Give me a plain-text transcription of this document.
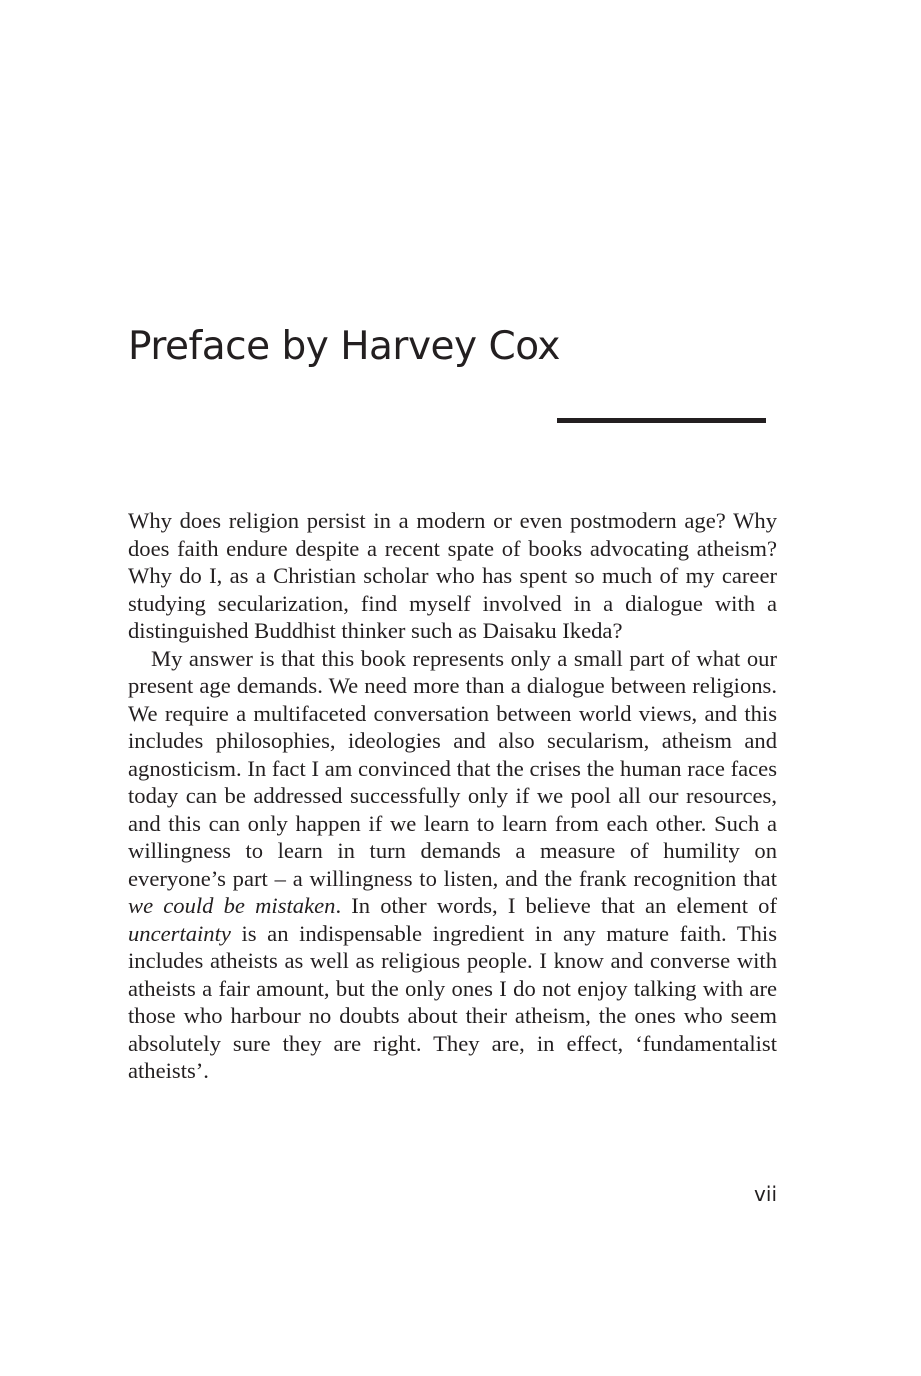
Preface by Harvey Cox

Why does religion persist in a modern or even postmodern age? Why does faith endure despite a recent spate of books advocating atheism? Why do I, as a Christian scholar who has spent so much of my career studying secularization, find myself involved in a dialogue with a distinguished Buddhist thinker such as Daisaku Ikeda?

My answer is that this book represents only a small part of what our present age demands. We need more than a dialogue between religions. We require a multifaceted conversation between world views, and this includes philosophies, ideologies and also secularism, atheism and agnosticism. In fact I am convinced that the crises the human race faces today can be addressed successfully only if we pool all our resources, and this can only happen if we learn to learn from each other. Such a willingness to learn in turn demands a measure of humility on everyone’s part – a willingness to listen, and the frank recognition that we could be mistaken. In other words, I believe that an element of uncertainty is an indispensable ingredient in any mature faith. This includes atheists as well as religious people. I know and converse with atheists a fair amount, but the only ones I do not enjoy talking with are those who harbour no doubts about their atheism, the ones who seem absolutely sure they are right. They are, in effect, ‘fundamentalist atheists’.

vii
